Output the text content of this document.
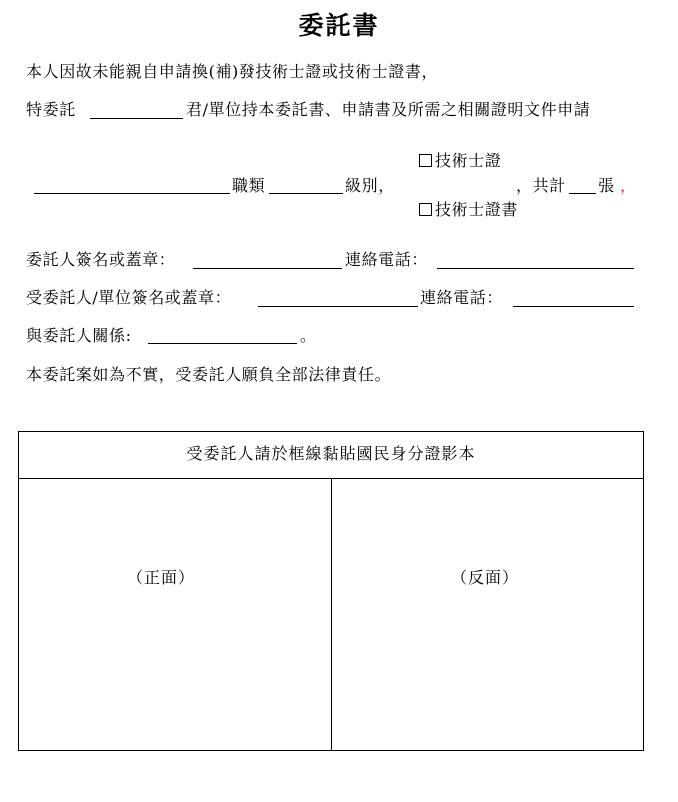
委託書
本人因故未能親自申請換(補)發技術士證或技術士證書，
特委託	君/單位持本委託書、申請書及所需之相關證明文件申請
技術士證
職類	級別，	，共計 張 ，
技術士證書
委託人簽名或蓋章：	連絡電話：
受委託人/單位簽名或蓋章：	連絡電話：
與委託人關係:	。
本委託案如為不實，受委託人願負全部法律責任。
受委託人請於框線黏貼國民身分證影本
（正面）	（反面）
